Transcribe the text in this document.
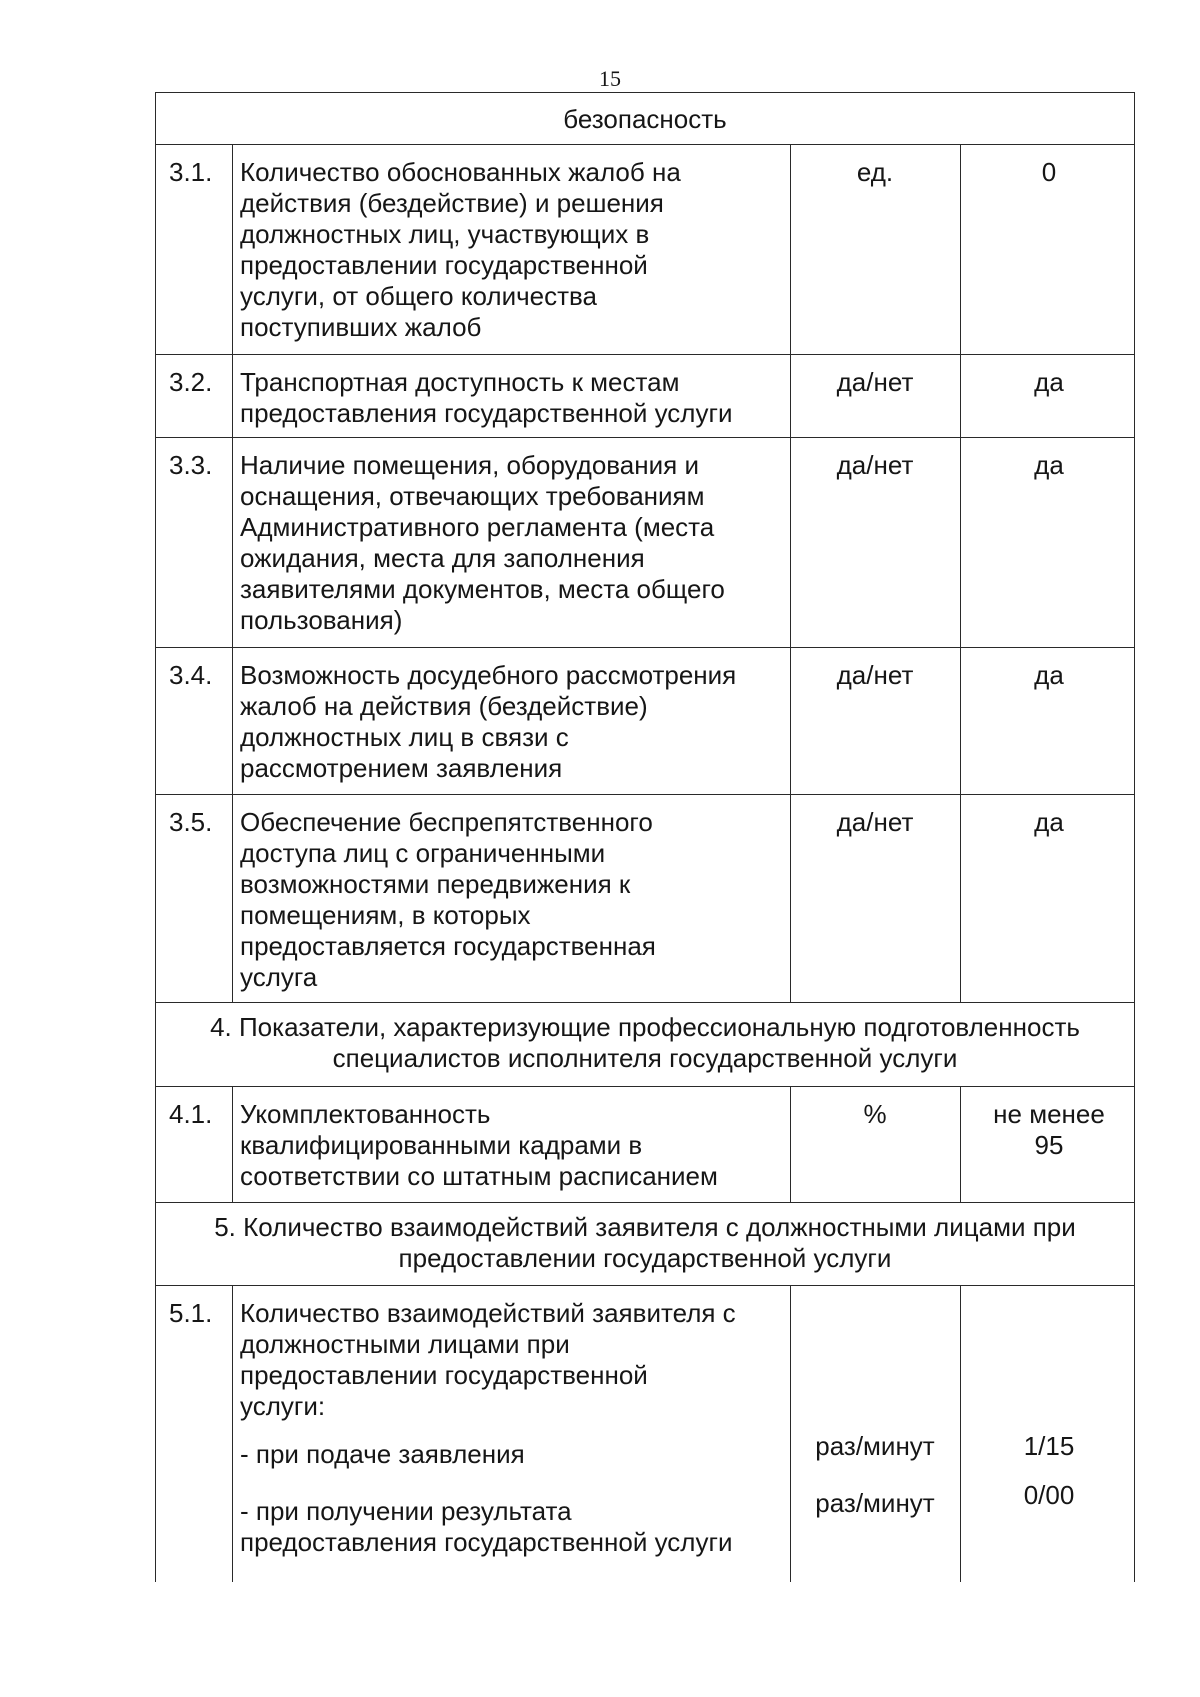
15
безопасность
3.1. Количество обоснованных жалоб на
действия (бездействие) и решения
должностных лиц, участвующих в
предоставлении государственной
услуги, от общего количества
поступивших жалоб
ед.	0
3.2. Транспортная доступность к местам
предоставления государственной услуги
да/нет	да
3.3. Наличие помещения, оборудования и
оснащения, отвечающих требованиям
Административного регламента (места
ожидания, места для заполнения
заявителями документов, места общего
пользования)
да/нет	да
3.4. Возможность досудебного рассмотрения
жалоб на действия (бездействие)
должностных лиц в связи с
рассмотрением заявления
да/нет	да
3.5. Обеспечение беспрепятственного
доступа лиц с ограниченными
возможностями передвижения к
помещениям, в которых
предоставляется государственная
услуга
да/нет	да
4. Показатели, характеризующие профессиональную подготовленность
специалистов исполнителя государственной услуги
4.1. Укомплектованность
квалифицированными кадрами в
соответствии со штатным расписанием
%	не менее
95
5. Количество взаимодействий заявителя с должностными лицами при
предоставлении государственной услуги
5.1. Количество взаимодействий заявителя с
должностными лицами при
предоставлении государственной
услуги:
- при подаче заявления	раз/минут	1/15
- при получении результата
предоставления государственной услуги
раз/минут	0/00
